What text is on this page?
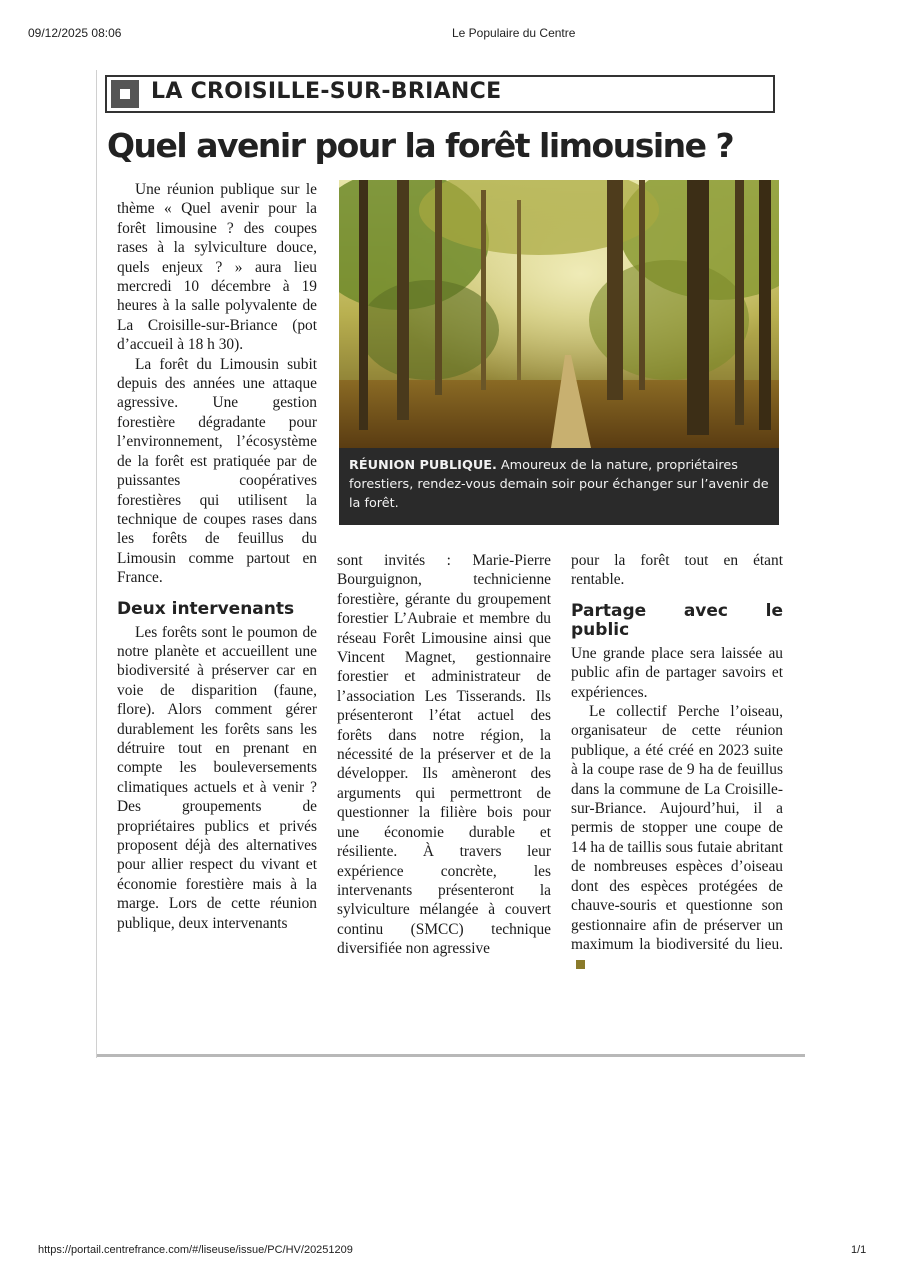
09/12/2025 08:06	Le Populaire du Centre
LA CROISILLE-SUR-BRIANCE
Quel avenir pour la forêt limousine ?

Une réunion publique sur le thème « Quel avenir pour la forêt limousine ? des coupes rases à la sylviculture douce, quels enjeux ? » aura lieu mercredi 10 décembre à 19 heures à la salle polyvalente de La Croisille-sur-Briance (pot d’accueil à 18 h 30).

La forêt du Limousin subit depuis des années une attaque agressive. Une gestion forestière dégradante pour l’environnement, l’écosystème de la forêt est pratiquée par de puissantes coopératives forestières qui utilisent la technique de coupes rases dans les forêts de feuillus du Limousin comme partout en France.

Deux intervenants

Les forêts sont le poumon de notre planète et accueillent une biodiversité à préserver car en voie de disparition (faune, flore). Alors comment gérer durablement les forêts sans les détruire tout en prenant en compte les bouleversements climatiques actuels et à venir ? Des groupements de propriétaires publics et privés proposent déjà des alternatives pour allier respect du vivant et économie forestière mais à la marge. Lors de cette réunion publique, deux intervenants

RÉUNION PUBLIQUE. Amoureux de la nature, propriétaires forestiers, rendez-vous demain soir pour échanger sur l’avenir de la forêt.

sont invités : Marie-Pierre Bourguignon, technicienne forestière, gérante du groupement forestier L’Aubraie et membre du réseau Forêt Limousine ainsi que Vincent Magnet, gestionnaire forestier et administrateur de l’association Les Tisserands. Ils présenteront l’état actuel des forêts dans notre région, la nécessité de la préserver et de la développer. Ils amèneront des arguments qui permettront de questionner la filière bois pour une économie durable et résiliente. À travers leur expérience concrète, les intervenants présenteront la sylviculture mélangée à couvert continu (SMCC) technique diversifiée non agressive

pour la forêt tout en étant rentable.

Partage avec le public

Une grande place sera laissée au public afin de partager savoirs et expériences.

Le collectif Perche l’oiseau, organisateur de cette réunion publique, a été créé en 2023 suite à la coupe rase de 9 ha de feuillus dans la commune de La Croisille-sur-Briance. Aujourd’hui, il a permis de stopper une coupe de 14 ha de taillis sous futaie abritant de nombreuses espèces d’oiseau dont des espèces protégées de chauve-souris et questionne son gestionnaire afin de préserver un maximum la biodiversité du lieu.

https://portail.centrefrance.com/#/liseuse/issue/PC/HV/20251209	1/1
